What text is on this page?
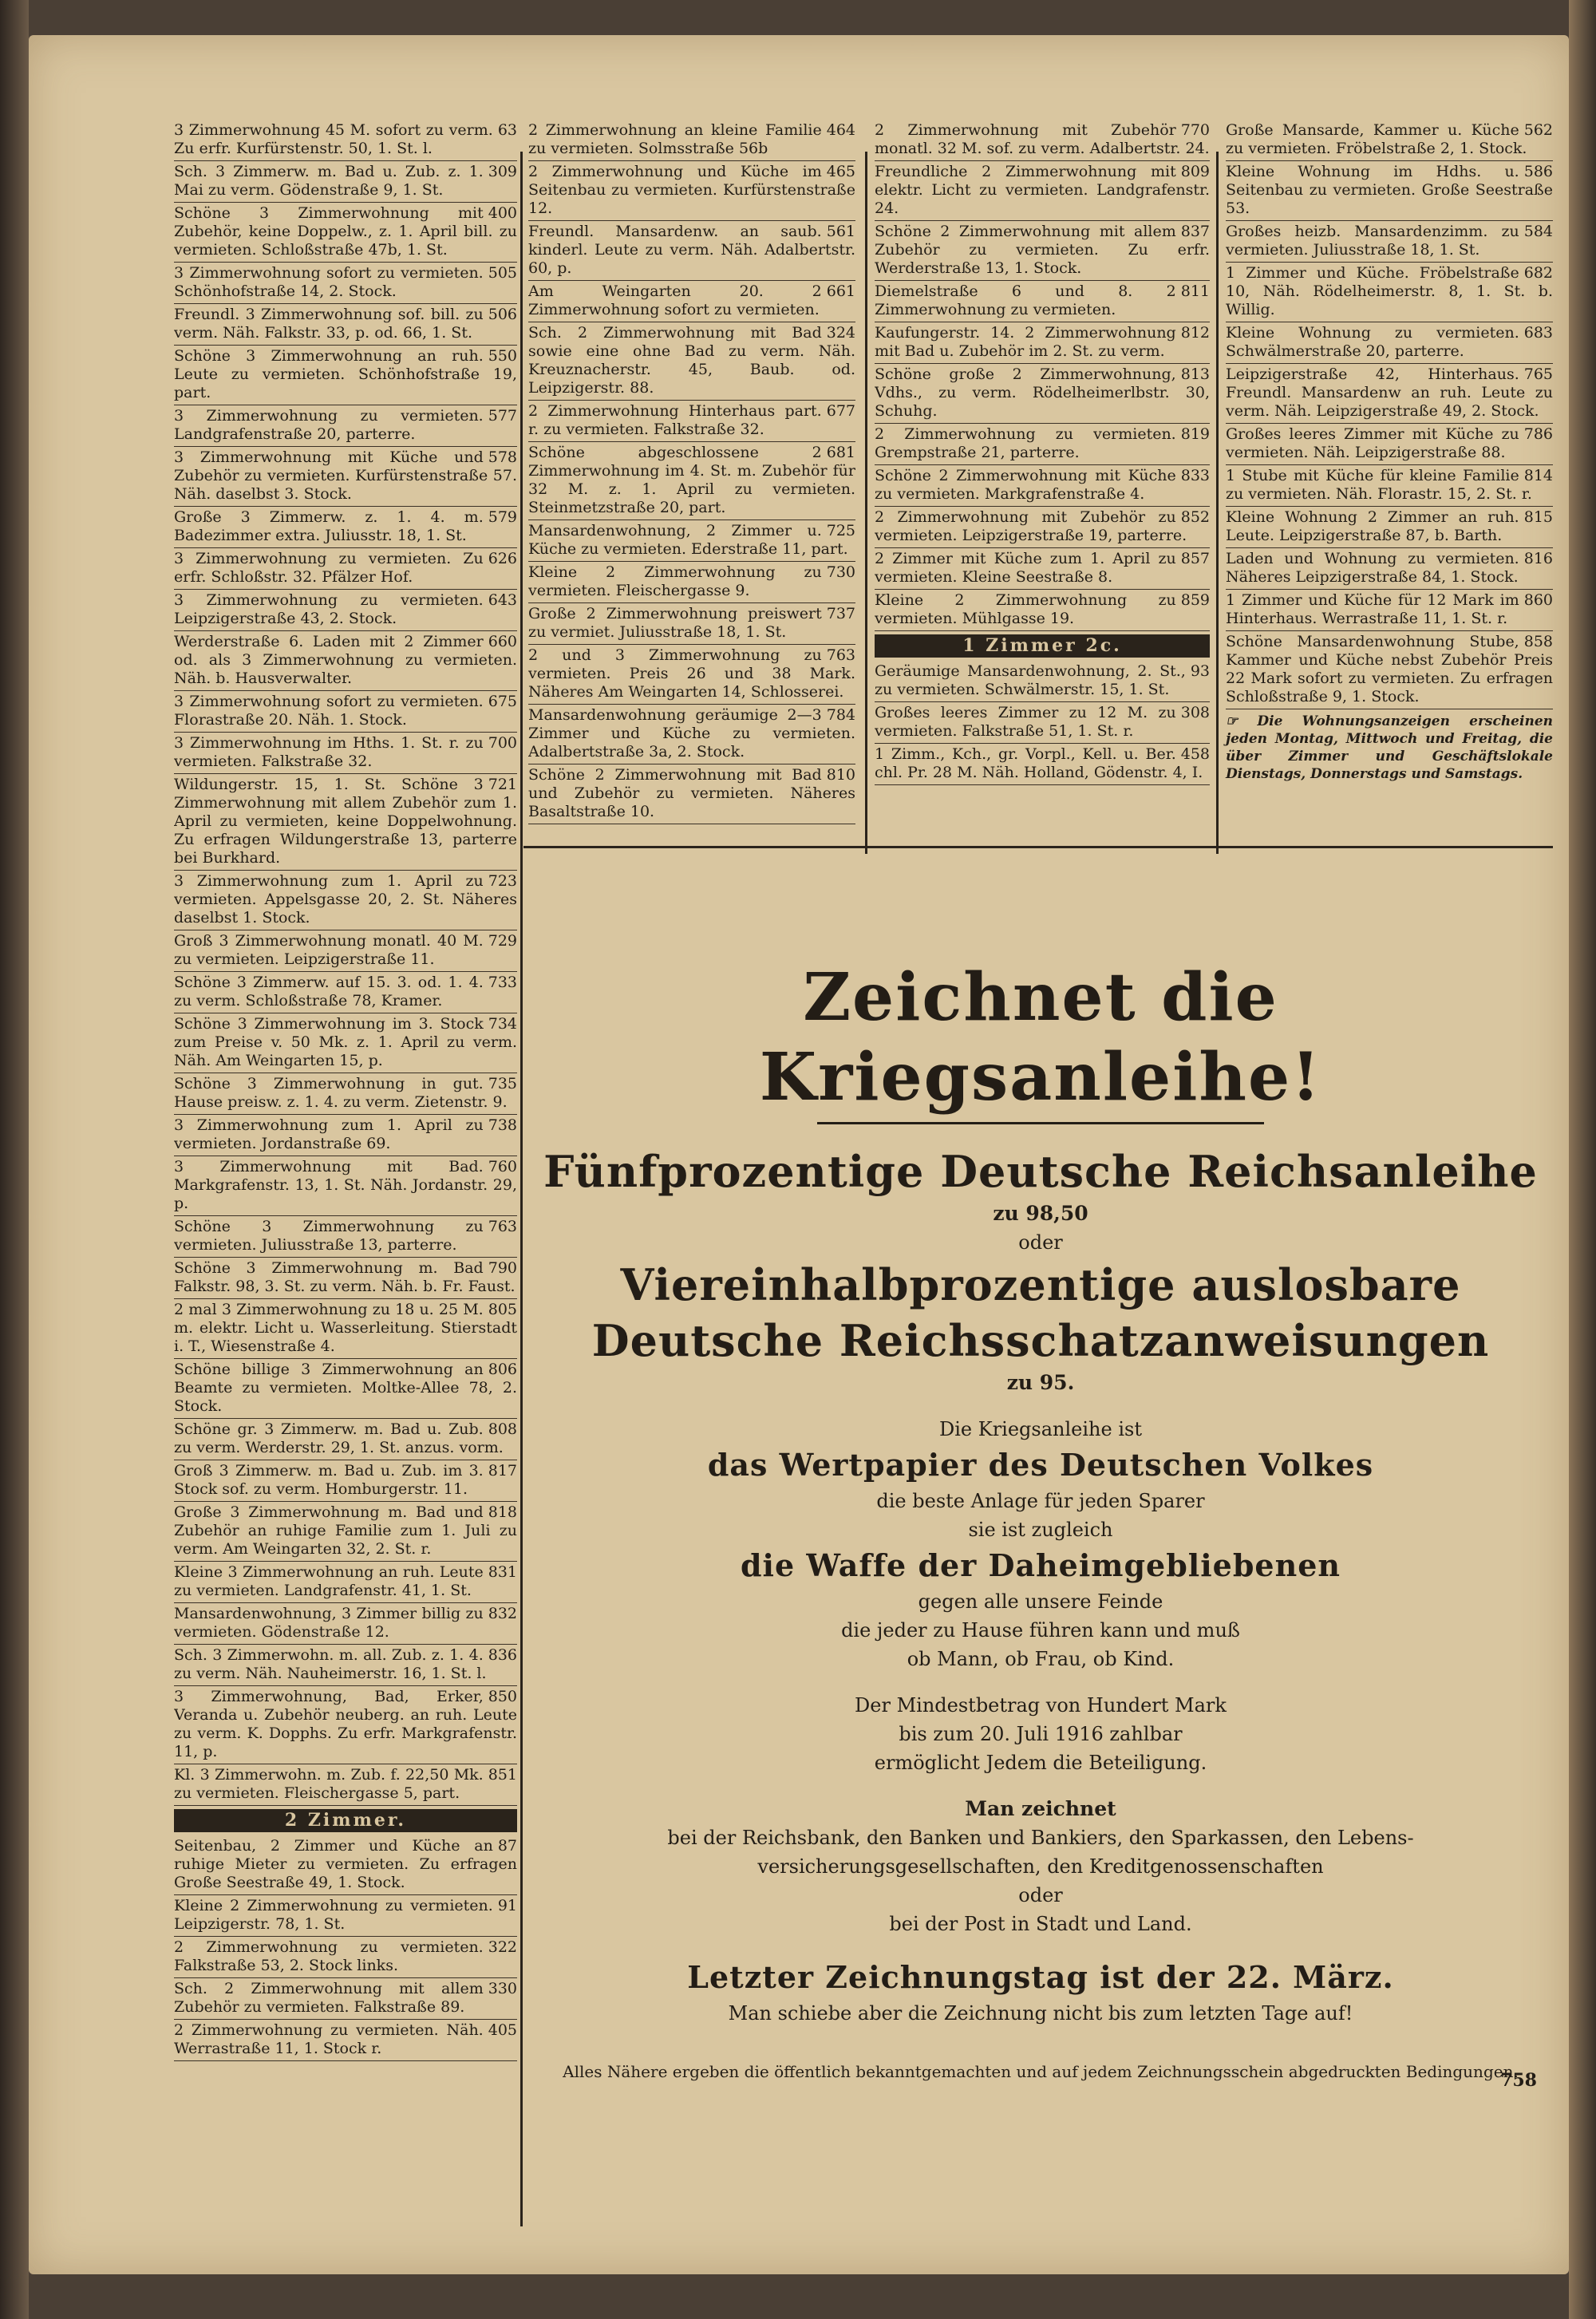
63
3 Zimmerwohnung 45 M. sofort zu verm. Zu erfr. Kurfürstenstr. 50, 1. St. l.
309
Sch. 3 Zimmerw. m. Bad u. Zub. z. 1. Mai zu verm. Gödenstraße 9, 1. St.
400
Schöne 3 Zimmerwohnung mit Zubehör, keine Doppelw., z. 1. April bill. zu vermieten. Schloßstraße 47b, 1. St.
505
3 Zimmerwohnung sofort zu vermieten. Schönhofstraße 14, 2. Stock.
506
Freundl. 3 Zimmerwohnung sof. bill. zu verm. Näh. Falkstr. 33, p. od. 66, 1. St.
550
Schöne 3 Zimmerwohnung an ruh. Leute zu vermieten. Schönhofstraße 19, part.
577
3 Zimmerwohnung zu vermieten. Landgrafenstraße 20, parterre.
578
3 Zimmerwohnung mit Küche und Zubehör zu vermieten. Kurfürstenstraße 57. Näh. daselbst 3. Stock.
579
Große 3 Zimmerw. z. 1. 4. m. Badezimmer extra. Juliusstr. 18, 1. St.
626
3 Zimmerwohnung zu vermieten. Zu erfr. Schloßstr. 32. Pfälzer Hof.
643
3 Zimmerwohnung zu vermieten. Leipzigerstraße 43, 2. Stock.
660
Werderstraße 6. Laden mit 2 Zimmer od. als 3 Zimmerwohnung zu vermieten. Näh. b. Hausverwalter.
675
3 Zimmerwohnung sofort zu vermieten. Florastraße 20. Näh. 1. Stock.
700
3 Zimmerwohnung im Hths. 1. St. r. zu vermieten. Falkstraße 32.
721
Wildungerstr. 15, 1. St. Schöne 3 Zimmerwohnung mit allem Zubehör zum 1. April zu vermieten, keine Doppelwohnung. Zu erfragen Wildungerstraße 13, parterre bei Burkhard.
723
3 Zimmerwohnung zum 1. April zu vermieten. Appelsgasse 20, 2. St. Näheres daselbst 1. Stock.
729
Groß 3 Zimmerwohnung monatl. 40 M. zu vermieten. Leipzigerstraße 11.
733
Schöne 3 Zimmerw. auf 15. 3. od. 1. 4. zu verm. Schloßstraße 78, Kramer.
734
Schöne 3 Zimmerwohnung im 3. Stock zum Preise v. 50 Mk. z. 1. April zu verm. Näh. Am Weingarten 15, p.
735
Schöne 3 Zimmerwohnung in gut. Hause preisw. z. 1. 4. zu verm. Zietenstr. 9.
738
3 Zimmerwohnung zum 1. April zu vermieten. Jordanstraße 69.
760
3 Zimmerwohnung mit Bad. Markgrafenstr. 13, 1. St. Näh. Jordanstr. 29, p.
763
Schöne 3 Zimmerwohnung zu vermieten. Juliusstraße 13, parterre.
790
Schöne 3 Zimmerwohnung m. Bad Falkstr. 98, 3. St. zu verm. Näh. b. Fr. Faust.
805
2 mal 3 Zimmerwohnung zu 18 u. 25 M. m. elektr. Licht u. Wasserleitung. Stierstadt i. T., Wiesenstraße 4.
806
Schöne billige 3 Zimmerwohnung an Beamte zu vermieten. Moltke-Allee 78, 2. Stock.
808
Schöne gr. 3 Zimmerw. m. Bad u. Zub. zu verm. Werderstr. 29, 1. St. anzus. vorm.
817
Groß 3 Zimmerw. m. Bad u. Zub. im 3. Stock sof. zu verm. Homburgerstr. 11.
818
Große 3 Zimmerwohnung m. Bad und Zubehör an ruhige Familie zum 1. Juli zu verm. Am Weingarten 32, 2. St. r.
831
Kleine 3 Zimmerwohnung an ruh. Leute zu vermieten. Landgrafenstr. 41, 1. St.
832
Mansardenwohnung, 3 Zimmer billig zu vermieten. Gödenstraße 12.
836
Sch. 3 Zimmerwohn. m. all. Zub. z. 1. 4. zu verm. Näh. Nauheimerstr. 16, 1. St. l.
850
3 Zimmerwohnung, Bad, Erker, Veranda u. Zubehör neuberg. an ruh. Leute zu verm. K. Dopphs. Zu erfr. Markgrafenstr. 11, p.
851
Kl. 3 Zimmerwohn. m. Zub. f. 22,50 Mk. zu vermieten. Fleischergasse 5, part.
2 Zimmer.
87
Seitenbau, 2 Zimmer und Küche an ruhige Mieter zu vermieten. Zu erfragen Große Seestraße 49, 1. Stock.
91
Kleine 2 Zimmerwohnung zu vermieten. Leipzigerstr. 78, 1. St.
322
2 Zimmerwohnung zu vermieten. Falkstraße 53, 2. Stock links.
330
Sch. 2 Zimmerwohnung mit allem Zubehör zu vermieten. Falkstraße 89.
405
2 Zimmerwohnung zu vermieten. Näh. Werrastraße 11, 1. Stock r.
464
2 Zimmerwohnung an kleine Familie zu vermieten. Solmsstraße 56b
465
2 Zimmerwohnung und Küche im Seitenbau zu vermieten. Kurfürstenstraße 12.
561
Freundl. Mansardenw. an saub. kinderl. Leute zu verm. Näh. Adalbertstr. 60, p.
661
Am Weingarten 20. 2 Zimmerwohnung sofort zu vermieten.
324
Sch. 2 Zimmerwohnung mit Bad sowie eine ohne Bad zu verm. Näh. Kreuznacherstr. 45, Baub. od. Leipzigerstr. 88.
677
2 Zimmerwohnung Hinterhaus part. r. zu vermieten. Falkstraße 32.
681
Schöne abgeschlossene 2 Zimmerwohnung im 4. St. m. Zubehör für 32 M. z. 1. April zu vermieten. Steinmetzstraße 20, part.
725
Mansardenwohnung, 2 Zimmer u. Küche zu vermieten. Ederstraße 11, part.
730
Kleine 2 Zimmerwohnung zu vermieten. Fleischergasse 9.
737
Große 2 Zimmerwohnung preiswert zu vermiet. Juliusstraße 18, 1. St.
763
2 und 3 Zimmerwohnung zu vermieten. Preis 26 und 38 Mark. Näheres Am Weingarten 14, Schlosserei.
784
Mansardenwohnung geräumige 2—3 Zimmer und Küche zu vermieten. Adalbertstraße 3a, 2. Stock.
810
Schöne 2 Zimmerwohnung mit Bad und Zubehör zu vermieten. Näheres Basaltstraße 10.
770
2 Zimmerwohnung mit Zubehör monatl. 32 M. sof. zu verm. Adalbertstr. 24.
809
Freundliche 2 Zimmerwohnung mit elektr. Licht zu vermieten. Landgrafenstr. 24.
837
Schöne 2 Zimmerwohnung mit allem Zubehör zu vermieten. Zu erfr. Werderstraße 13, 1. Stock.
811
Diemelstraße 6 und 8. 2 Zimmerwohnung zu vermieten.
812
Kaufungerstr. 14. 2 Zimmerwohnung mit Bad u. Zubehör im 2. St. zu verm.
813
Schöne große 2 Zimmerwohnung, Vdhs., zu verm. Rödelheimerlbstr. 30, Schuhg.
819
2 Zimmerwohnung zu vermieten. Grempstraße 21, parterre.
833
Schöne 2 Zimmerwohnung mit Küche zu vermieten. Markgrafenstraße 4.
852
2 Zimmerwohnung mit Zubehör zu vermieten. Leipzigerstraße 19, parterre.
857
2 Zimmer mit Küche zum 1. April zu vermieten. Kleine Seestraße 8.
859
Kleine 2 Zimmerwohnung zu vermieten. Mühlgasse 19.
1 Zimmer 2c.
93
Geräumige Mansardenwohnung, 2. St., zu vermieten. Schwälmerstr. 15, 1. St.
308
Großes leeres Zimmer zu 12 M. zu vermieten. Falkstraße 51, 1. St. r.
458
1 Zimm., Kch., gr. Vorpl., Kell. u. Ber. chl. Pr. 28 M. Näh. Holland, Gödenstr. 4, I.
562
Große Mansarde, Kammer u. Küche zu vermieten. Fröbelstraße 2, 1. Stock.
586
Kleine Wohnung im Hdhs. u. Seitenbau zu vermieten. Große Seestraße 53.
584
Großes heizb. Mansardenzimm. zu vermieten. Juliusstraße 18, 1. St.
682
1 Zimmer und Küche. Fröbelstraße 10, Näh. Rödelheimerstr. 8, 1. St. b. Willig.
683
Kleine Wohnung zu vermieten. Schwälmerstraße 20, parterre.
765
Leipzigerstraße 42, Hinterhaus. Freundl. Mansardenw an ruh. Leute zu verm. Näh. Leipzigerstraße 49, 2. Stock.
786
Großes leeres Zimmer mit Küche zu vermieten. Näh. Leipzigerstraße 88.
814
1 Stube mit Küche für kleine Familie zu vermieten. Näh. Florastr. 15, 2. St. r.
815
Kleine Wohnung 2 Zimmer an ruh. Leute. Leipzigerstraße 87, b. Barth.
816
Laden und Wohnung zu vermieten. Näheres Leipzigerstraße 84, 1. Stock.
860
1 Zimmer und Küche für 12 Mark im Hinterhaus. Werrastraße 11, 1. St. r.
858
Schöne Mansardenwohnung Stube, Kammer und Küche nebst Zubehör Preis 22 Mark sofort zu vermieten. Zu erfragen Schloßstraße 9, 1. Stock.
☞ Die Wohnungsanzeigen erscheinen jeden Montag, Mittwoch und Freitag, die über Zimmer und Geschäftslokale Dienstags, Donnerstags und Samstags.
Zeichnet die Kriegsanleihe!
Fünfprozentige Deutsche Reichsanleihe
zu 98,50
oder
Viereinhalbprozentige auslosbare
Deutsche Reichsschatzanweisungen
zu 95.
Die Kriegsanleihe ist
das Wertpapier des Deutschen Volkes
die beste Anlage für jeden Sparer
sie ist zugleich
die Waffe der Daheimgebliebenen
gegen alle unsere Feinde
die jeder zu Hause führen kann und muß
ob Mann, ob Frau, ob Kind.
Der Mindestbetrag von Hundert Mark
bis zum 20. Juli 1916 zahlbar
ermöglicht Jedem die Beteiligung.
Man zeichnet
bei der Reichsbank, den Banken und Bankiers, den Sparkassen, den Lebens-
versicherungsgesellschaften, den Kreditgenossenschaften
oder
bei der Post in Stadt und Land.
Letzter Zeichnungstag ist der 22. März.
Man schiebe aber die Zeichnung nicht bis zum letzten Tage auf!
Alles Nähere ergeben die öffentlich bekanntgemachten und auf jedem Zeichnungsschein abgedruckten Bedingungen.
758
